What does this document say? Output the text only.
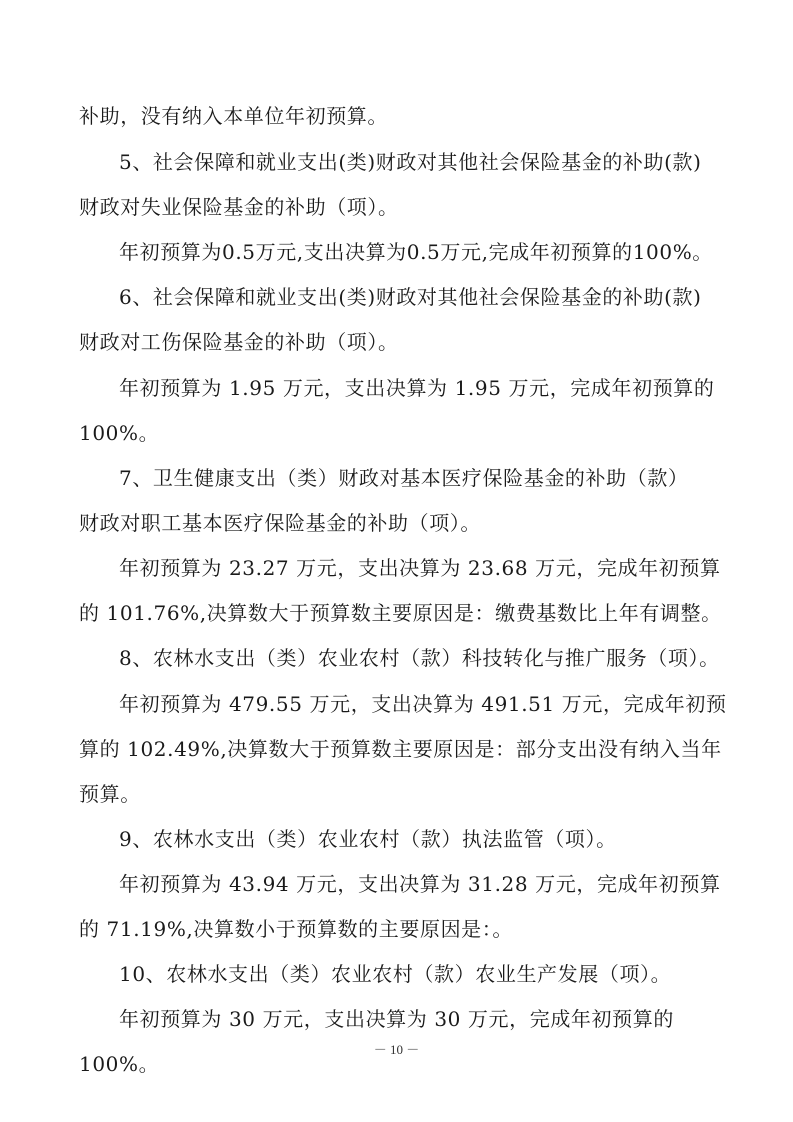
补助，没有纳入本单位年初预算。
5、社会保障和就业支出(类)财政对其他社会保险基金的补助(款)
财政对失业保险基金的补助（项）。
年初预算为0.5万元,支出决算为0.5万元,完成年初预算的100%。
6、社会保障和就业支出(类)财政对其他社会保险基金的补助(款)
财政对工伤保险基金的补助（项）。
年初预算为 1.95 万元，支出决算为 1.95 万元，完成年初预算的
100%。
7、卫生健康支出（类）财政对基本医疗保险基金的补助（款）
财政对职工基本医疗保险基金的补助（项）。
年初预算为 23.27 万元，支出决算为 23.68 万元，完成年初预算
的 101.76%,决算数大于预算数主要原因是：缴费基数比上年有调整。
8、农林水支出（类）农业农村（款）科技转化与推广服务（项）。
年初预算为 479.55 万元，支出决算为 491.51 万元，完成年初预
算的 102.49%,决算数大于预算数主要原因是：部分支出没有纳入当年
预算。
9、农林水支出（类）农业农村（款）执法监管（项）。
年初预算为 43.94 万元，支出决算为 31.28 万元，完成年初预算
的 71.19%,决算数小于预算数的主要原因是：。
10、农林水支出（类）农业农村（款）农业生产发展（项）。
年初预算为 30 万元，支出决算为 30 万元，完成年初预算的
100%。
－ 10 －
